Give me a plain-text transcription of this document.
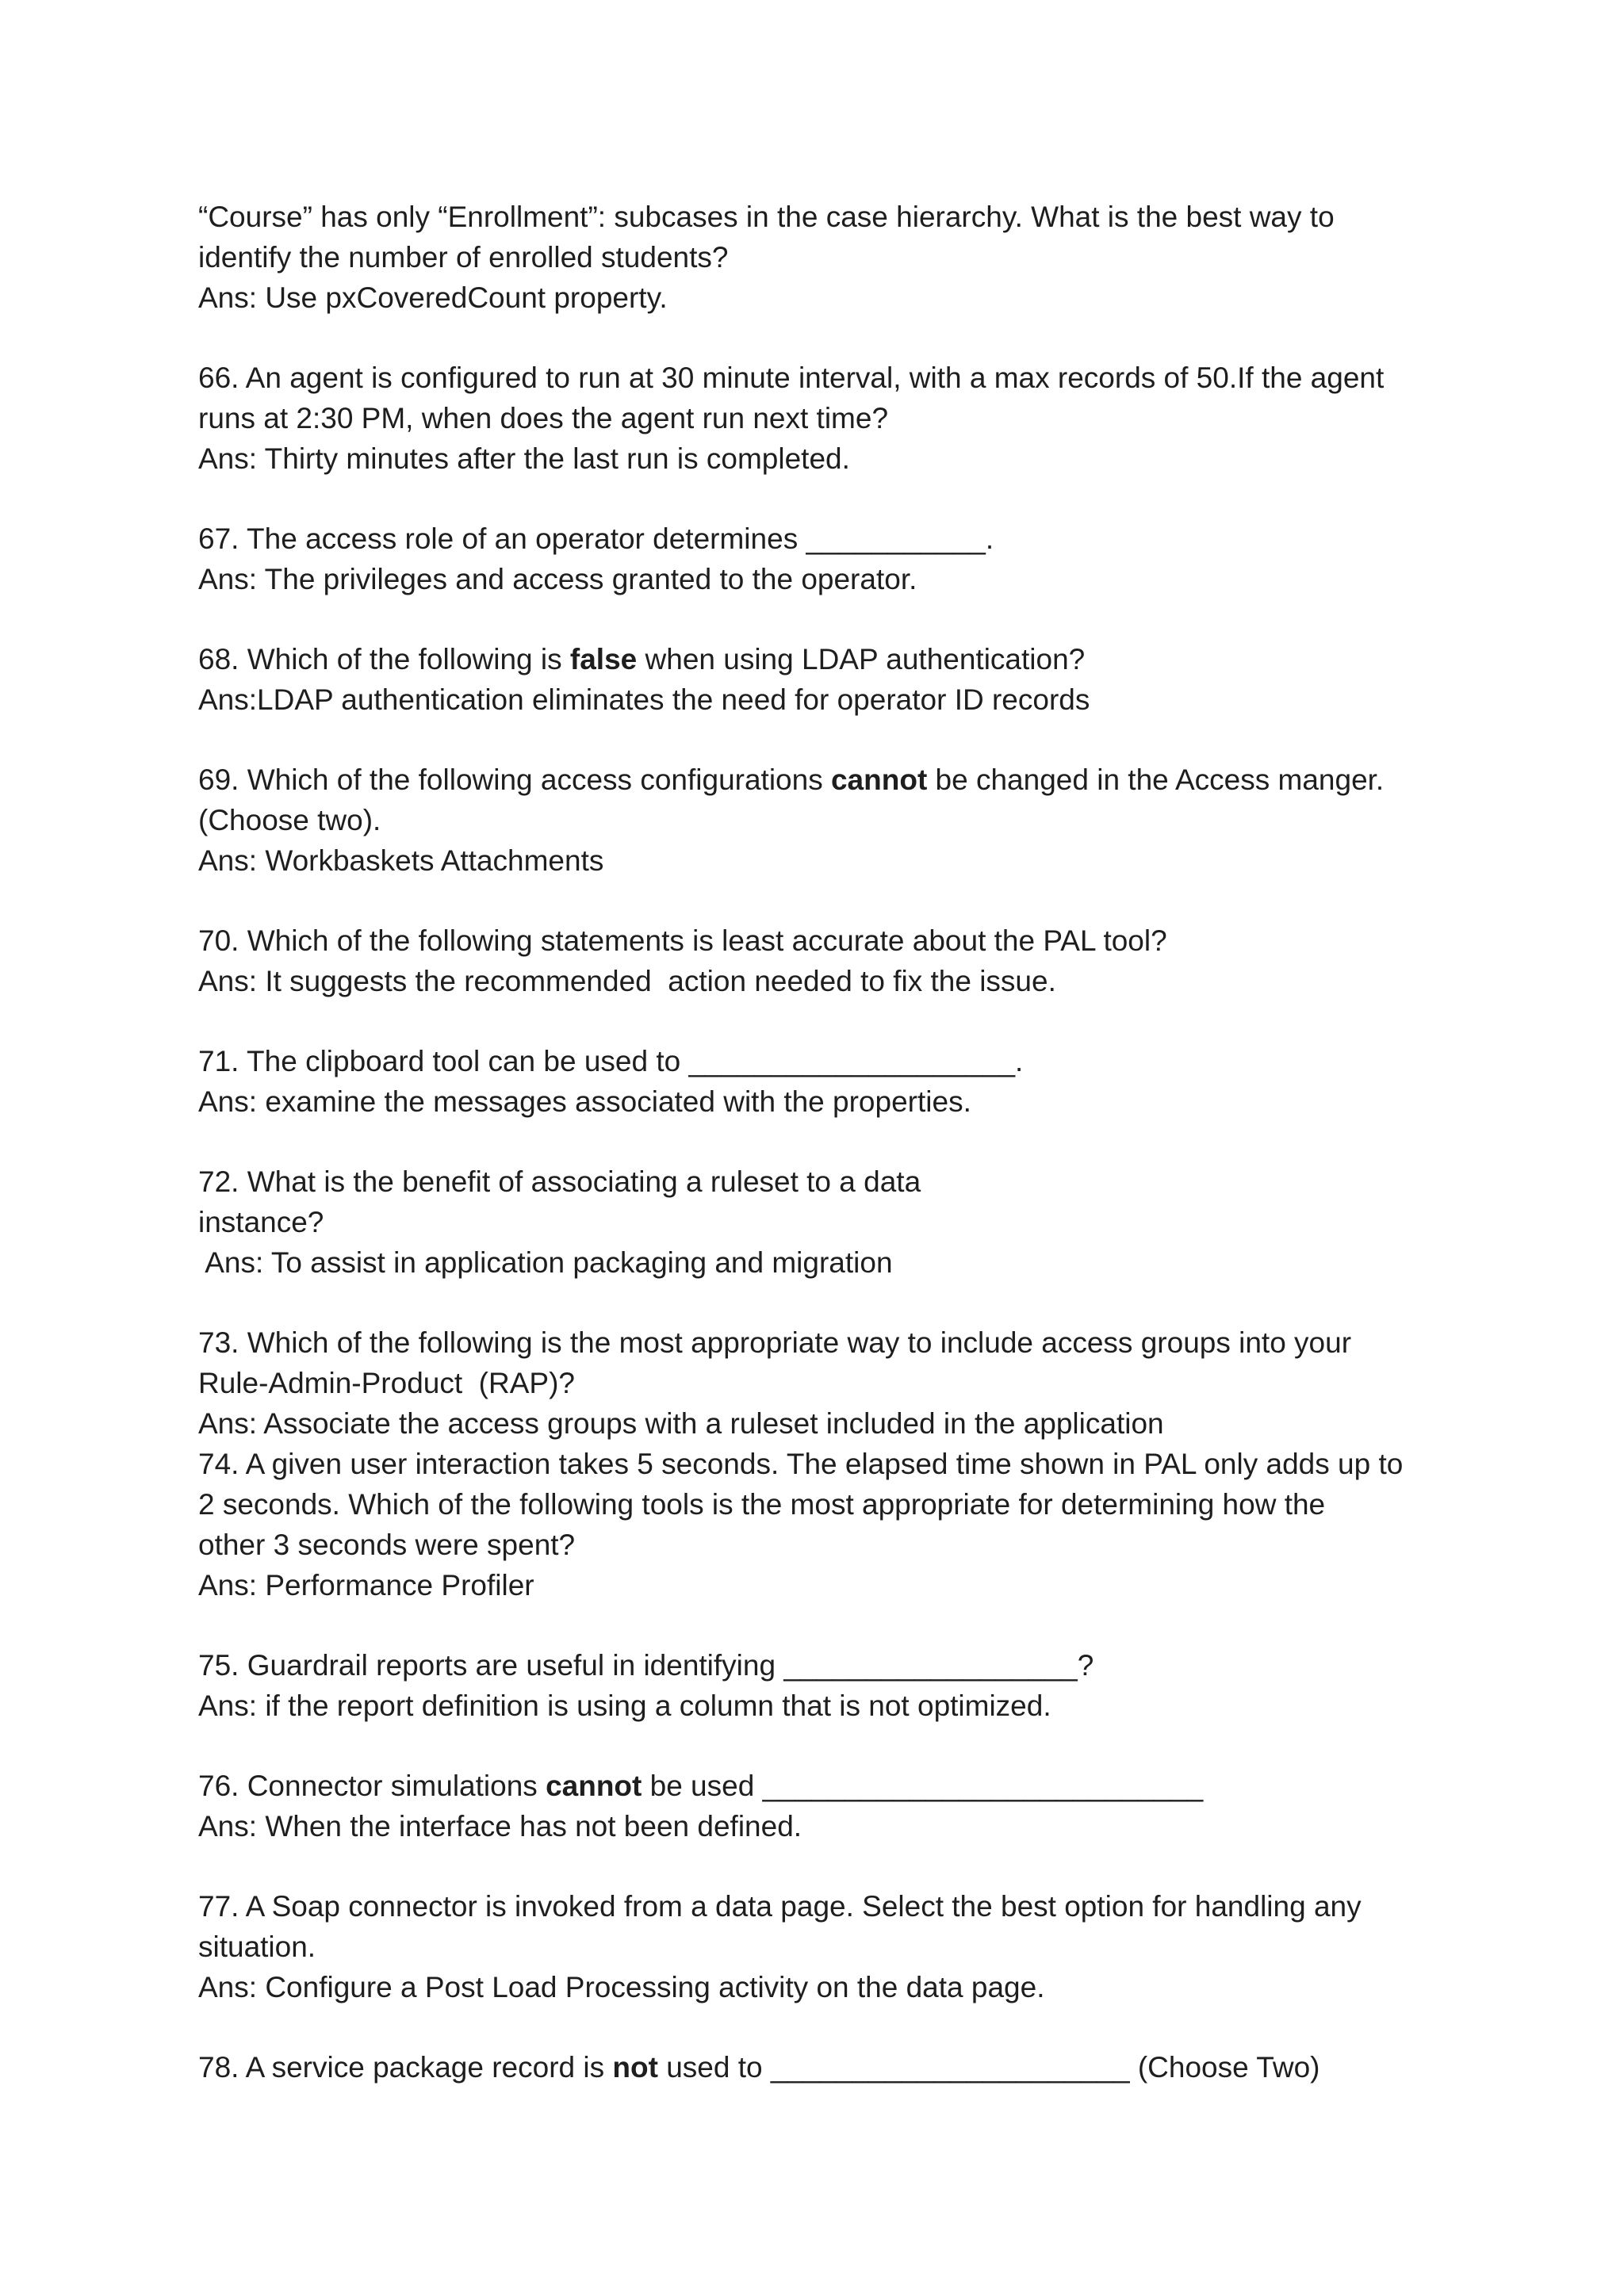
“Course” has only “Enrollment”: subcases in the case hierarchy. What is the best way to
identify the number of enrolled students?
Ans: Use pxCoveredCount property.
66. An agent is configured to run at 30 minute interval, with a max records of 50.If the agent
runs at 2:30 PM, when does the agent run next time?
Ans: Thirty minutes after the last run is completed.
67. The access role of an operator determines ___________.
Ans: The privileges and access granted to the operator.
68. Which of the following is false when using LDAP authentication?
Ans:LDAP authentication eliminates the need for operator ID records
69. Which of the following access configurations cannot be changed in the Access manger.
(Choose two).
Ans: Workbaskets Attachments
70. Which of the following statements is least accurate about the PAL tool?
Ans: It suggests the recommended  action needed to fix the issue.
71. The clipboard tool can be used to ____________________.
Ans: examine the messages associated with the properties.
72. What is the benefit of associating a ruleset to a data
instance?
Ans: To assist in application packaging and migration
73. Which of the following is the most appropriate way to include access groups into your
Rule-Admin-Product  (RAP)?
Ans: Associate the access groups with a ruleset included in the application
74. A given user interaction takes 5 seconds. The elapsed time shown in PAL only adds up to
2 seconds. Which of the following tools is the most appropriate for determining how the
other 3 seconds were spent?
Ans: Performance Profiler
75. Guardrail reports are useful in identifying __________________?
Ans: if the report definition is using a column that is not optimized.
76. Connector simulations cannot be used ___________________________
Ans: When the interface has not been defined.
77. A Soap connector is invoked from a data page. Select the best option for handling any
situation.
Ans: Configure a Post Load Processing activity on the data page.
78. A service package record is not used to ______________________ (Choose Two)
